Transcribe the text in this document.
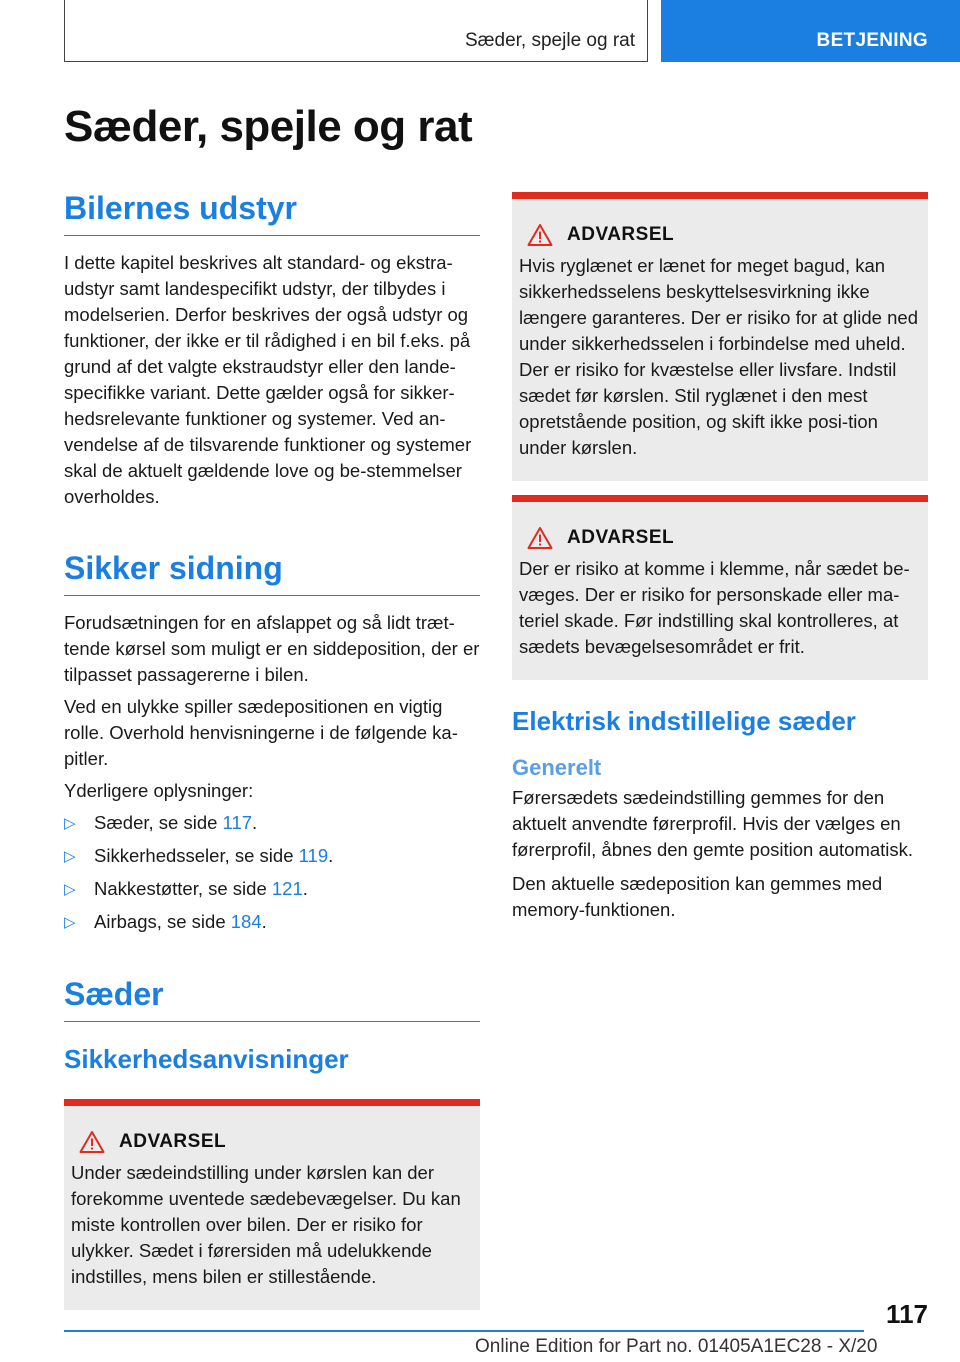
Sæder, spejle og rat	BETJENING
Sæder, spejle og rat
Bilernes udstyr

I dette kapitel beskrives alt standard- og ekstra-udstyr samt landespecifikt udstyr, der tilbydes i modelserien. Derfor beskrives der også udstyr og funktioner, der ikke er til rådighed i en bil f.eks. på grund af det valgte ekstraudstyr eller den lande-specifikke variant. Dette gælder også for sikker-hedsrelevante funktioner og systemer. Ved an-vendelse af de tilsvarende funktioner og systemer skal de aktuelt gældende love og be-stemmelser overholdes.

Sikker sidning

Forudsætningen for en afslappet og så lidt træt-tende kørsel som muligt er en siddeposition, der er tilpasset passagererne i bilen.

Ved en ulykke spiller sædepositionen en vigtig rolle. Overhold henvisningerne i de følgende ka-pitler.

Yderligere oplysninger:

▷ Sæder, se side 117.
▷ Sikkerhedsseler, se side 119.
▷ Nakkestøtter, se side 121.
▷ Airbags, se side 184.
Sæder
Sikkerhedsanvisninger
ADVARSEL

Under sædeindstilling under kørslen kan der forekomme uventede sædebevægelser. Du kan miste kontrollen over bilen. Der er risiko for ulykker. Sædet i førersiden må udelukkende indstilles, mens bilen er stillestående.

ADVARSEL

Hvis ryglænet er lænet for meget bagud, kan sikkerhedsselens beskyttelsesvirkning ikke længere garanteres. Der er risiko for at glide ned under sikkerhedsselen i forbindelse med uheld. Der er risiko for kvæstelse eller livsfare. Indstil sædet før kørslen. Stil ryglænet i den mest opretstående position, og skift ikke posi-tion under kørslen.

ADVARSEL

Der er risiko at komme i klemme, når sædet be-væges. Der er risiko for personskade eller ma-teriel skade. Før indstilling skal kontrolleres, at sædets bevægelsesområdet er frit.

Elektrisk indstillelige sæder
Generelt

Førersædets sædeindstilling gemmes for den aktuelt anvendte førerprofil. Hvis der vælges en førerprofil, åbnes den gemte position automatisk.

Den aktuelle sædeposition kan gemmes med memory-funktionen.

117
Online Edition for Part no. 01405A1EC28 - X/20
